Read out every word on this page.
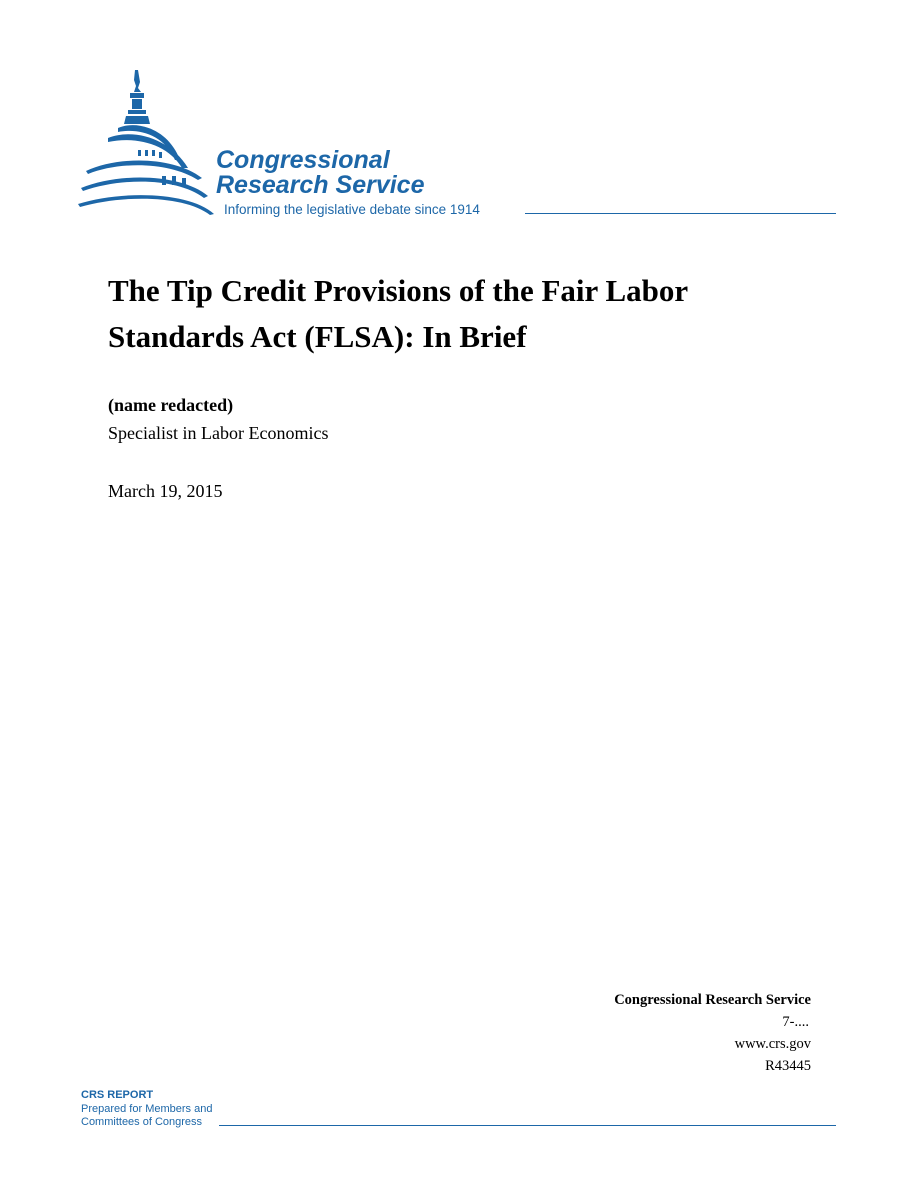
Congressional
Research Service
Informing the legislative debate since 1914
The Tip Credit Provisions of the Fair Labor Standards Act (FLSA): In Brief
(name redacted)
Specialist in Labor Economics
March 19, 2015
Congressional Research Service
7-....
www.crs.gov
R43445
CRS REPORT
Prepared for Members and
Committees of Congress
